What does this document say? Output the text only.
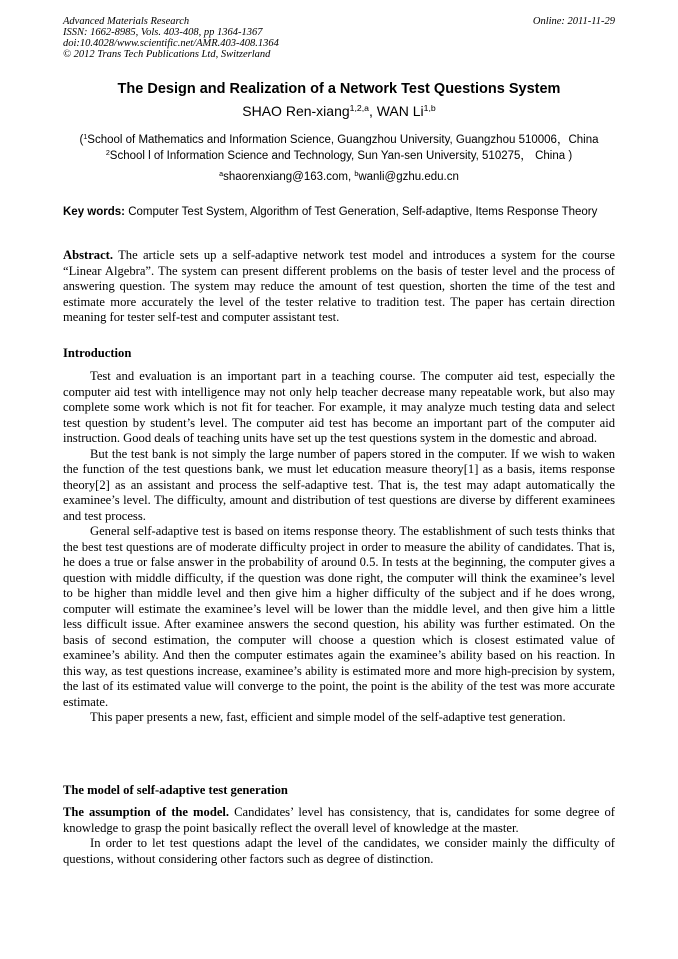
Advanced Materials Research
ISSN: 1662-8985, Vols. 403-408, pp 1364-1367
doi:10.4028/www.scientific.net/AMR.403-408.1364
© 2012 Trans Tech Publications Ltd, Switzerland
Online: 2011-11-29
The Design and Realization of a Network Test Questions System
SHAO Ren-xiang$^{1,2,a}$, WAN Li$^{1,b}$
($^1$School of Mathematics and Information Science, Guangzhou University, Guangzhou 510006，China $^2$School l of Information Science and Technology, Sun Yan-sen University, 510275， China )
$^a$shaorenxiang@163.com, $^b$wanli@gzhu.edu.cn
Key words: Computer Test System, Algorithm of Test Generation, Self-adaptive, Items Response Theory

Abstract. The article sets up a self-adaptive network test model and introduces a system for the course “Linear Algebra”. The system can present different problems on the basis of tester level and the process of answering question. The system may reduce the amount of test question, shorten the time of the test and estimate more accurately the level of the tester relative to tradition test. The paper has certain direction meaning for tester self-test and computer assistant test.

Introduction

Test and evaluation is an important part in a teaching course. The computer aid test, especially the computer aid test with intelligence may not only help teacher decrease many repeatable work, but also may complete some work which is not fit for teacher. For example, it may analyze much testing data and select test question by student’s level. The computer aid test has become an important part of the computer aid instruction. Good deals of teaching units have set up the test questions system in the domestic and abroad.

But the test bank is not simply the large number of papers stored in the computer. If we wish to waken the function of the test questions bank, we must let education measure theory[1] as a basis, items response theory[2] as an assistant and process the self-adaptive test. That is, the test may adapt automatically the examinee’s level. The difficulty, amount and distribution of test questions are diverse by different examinees and test process.

General self-adaptive test is based on items response theory. The establishment of such tests thinks that the best test questions are of moderate difficulty project in order to measure the ability of candidates. That is, he does a true or false answer in the probability of around 0.5. In tests at the beginning, the computer gives a question with middle difficulty, if the question was done right, the computer will think the examinee’s level to be higher than middle level and then give him a higher difficulty of the subject and if he does wrong, computer will estimate the examinee’s level will be lower than the middle level, and then give him a little less difficult issue. After examinee answers the second question, his ability was further estimated. On the basis of second estimation, the computer will choose a question which is closest estimated value of examinee’s ability. And then the computer estimates again the examinee’s ability based on his reaction. In this way, as test questions increase, examinee’s ability is estimated more and more high-precision by system, the last of its estimated value will converge to the point, the point is the ability of the test was more accurate estimate.

This paper presents a new, fast, efficient and simple model of the self-adaptive test generation.

The model of self-adaptive test generation

The assumption of the model. Candidates’ level has consistency, that is, candidates for some degree of knowledge to grasp the point basically reflect the overall level of knowledge at the master.

In order to let test questions adapt the level of the candidates, we consider mainly the difficulty of questions, without considering other factors such as degree of distinction.
